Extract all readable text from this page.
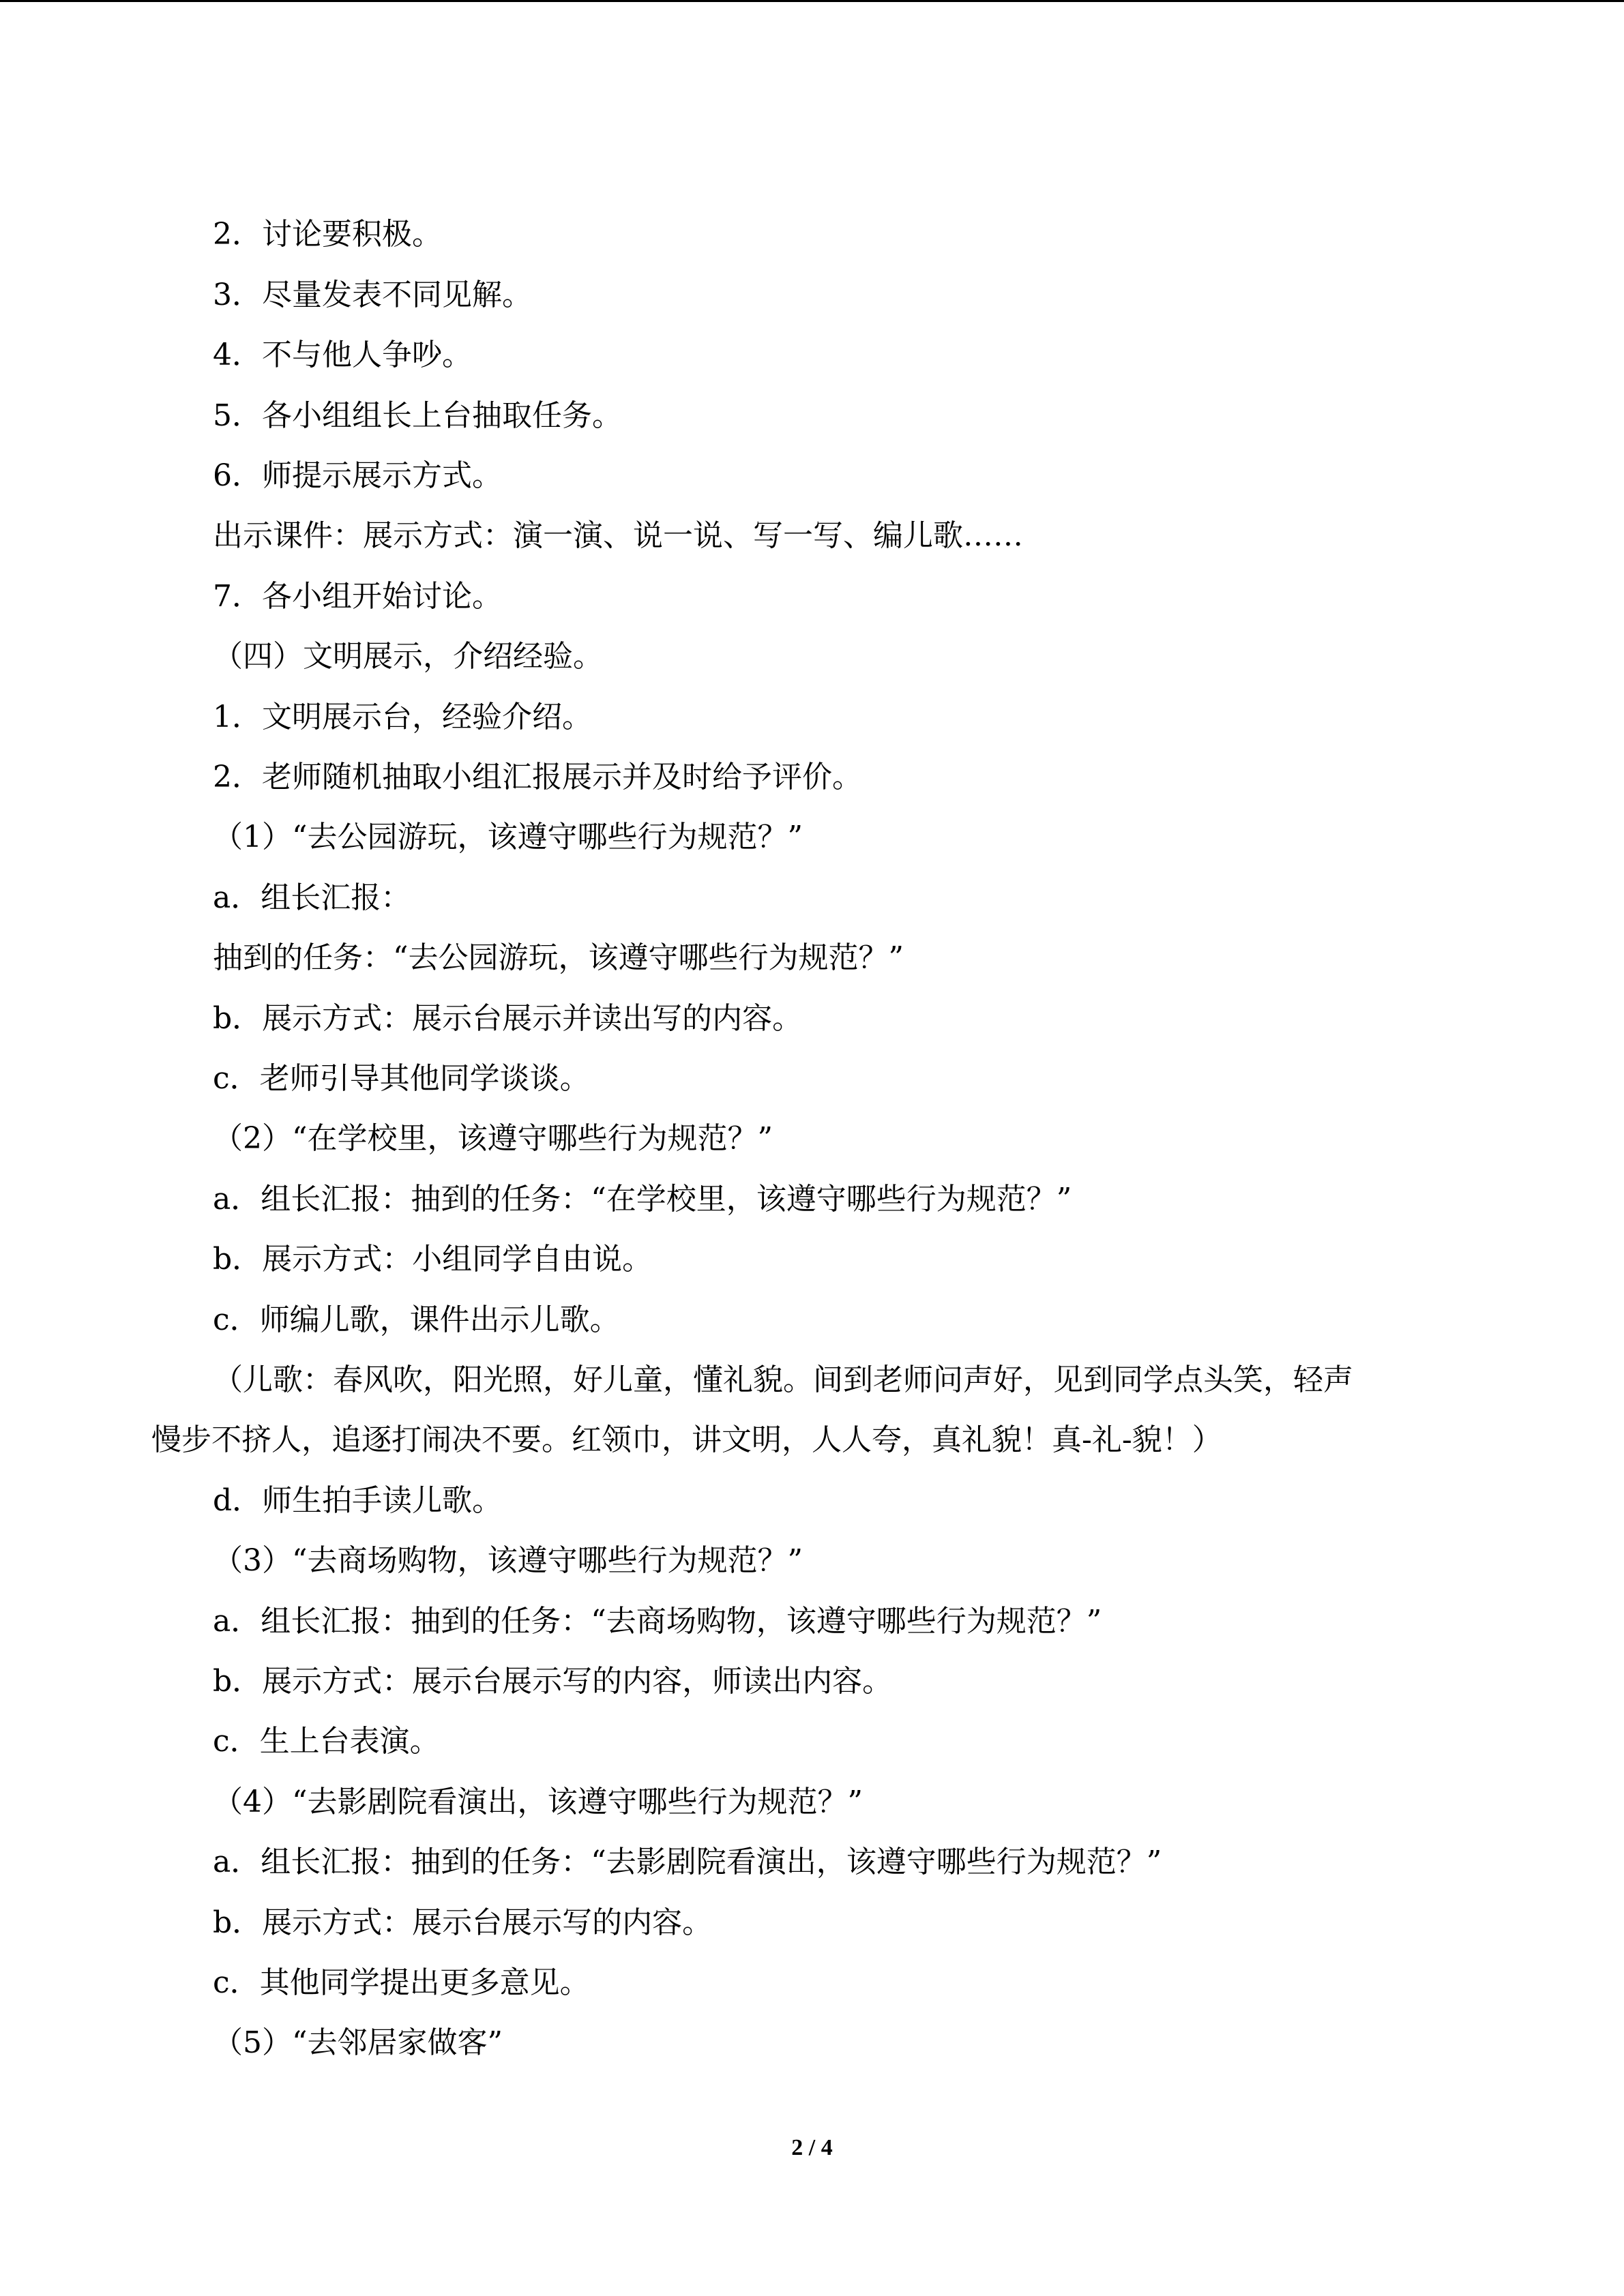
2．讨论要积极。
3．尽量发表不同见解。
4．不与他人争吵。
5．各小组组长上台抽取任务。
6．师提示展示方式。
出示课件：展示方式：演一演、说一说、写一写、编儿歌……
7．各小组开始讨论。
（四）文明展示，介绍经验。
1．文明展示台，经验介绍。
2．老师随机抽取小组汇报展示并及时给予评价。
（1）“去公园游玩，该遵守哪些行为规范？”
a．组长汇报：
抽到的任务：“去公园游玩，该遵守哪些行为规范？”
b．展示方式：展示台展示并读出写的内容。
c．老师引导其他同学谈谈。
（2）“在学校里，该遵守哪些行为规范？”
a．组长汇报：抽到的任务：“在学校里，该遵守哪些行为规范？”
b．展示方式：小组同学自由说。
c．师编儿歌，课件出示儿歌。
（儿歌：春风吹，阳光照，好儿童，懂礼貌。间到老师问声好，见到同学点头笑，轻声
慢步不挤人，追逐打闹决不要。红领巾，讲文明，人人夸，真礼貌！真-礼-貌！）
d．师生拍手读儿歌。
（3）“去商场购物，该遵守哪些行为规范？”
a．组长汇报：抽到的任务：“去商场购物，该遵守哪些行为规范？”
b．展示方式：展示台展示写的内容，师读出内容。
c．生上台表演。
（4）“去影剧院看演出，该遵守哪些行为规范？”
a．组长汇报：抽到的任务：“去影剧院看演出，该遵守哪些行为规范？”
b．展示方式：展示台展示写的内容。
c．其他同学提出更多意见。
（5）“去邻居家做客”
2 / 4
